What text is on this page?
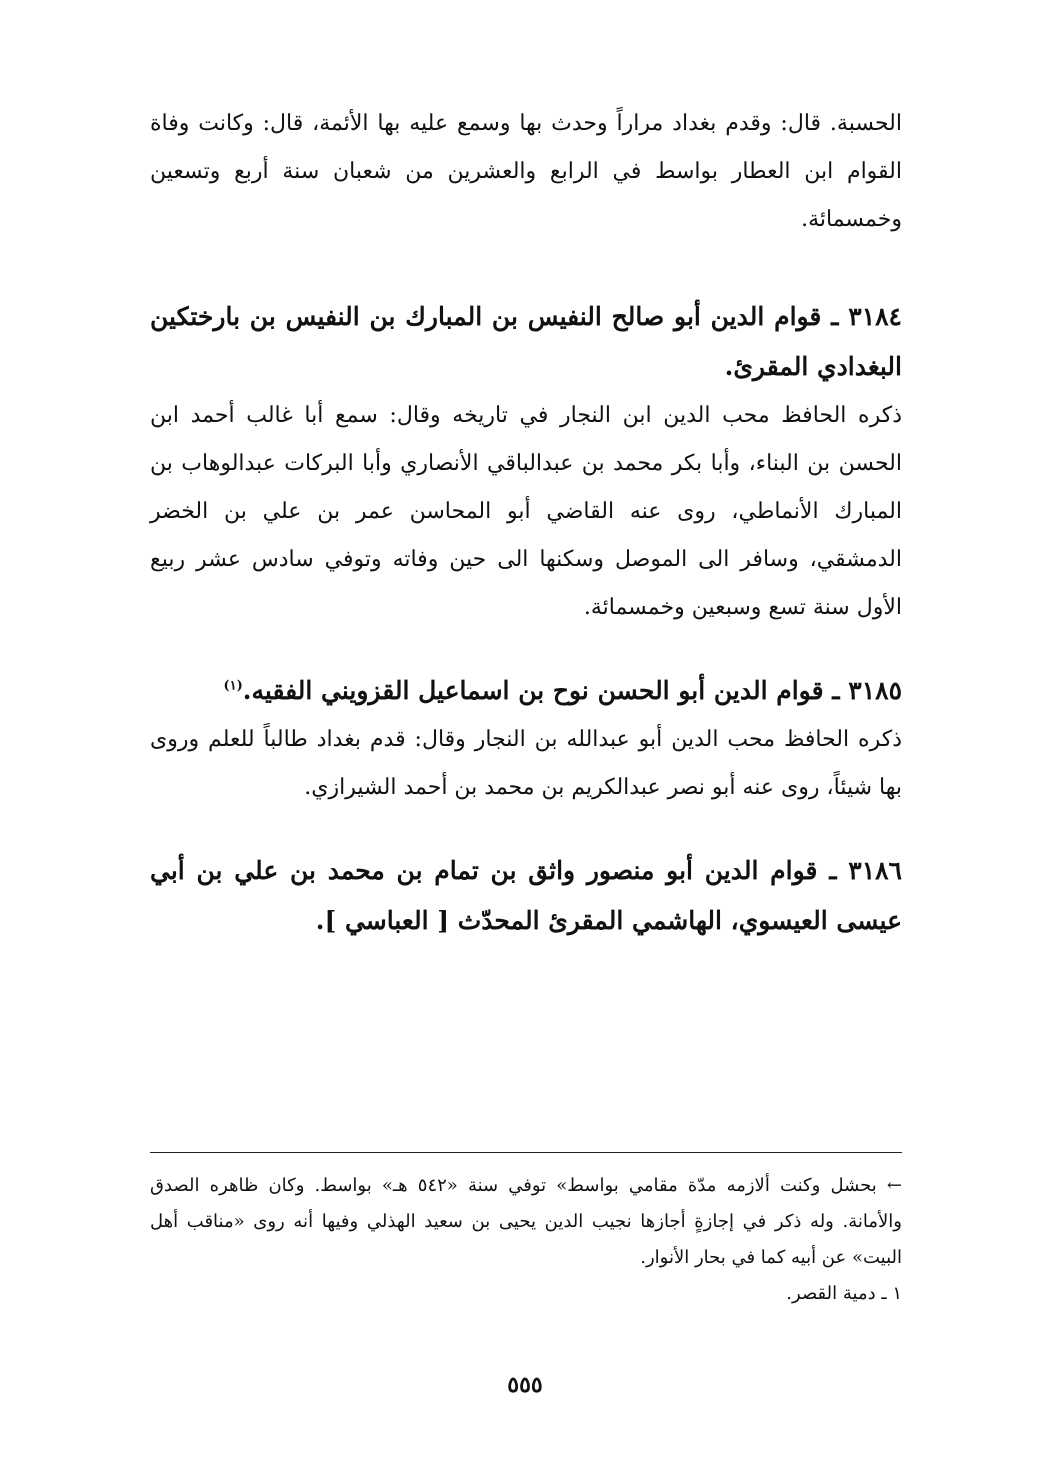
الحسبة. قال: وقدم بغداد مراراً وحدث بها وسمع عليه بها الأئمة، قال: وكانت وفاة القوام ابن العطار بواسط في الرابع والعشرين من شعبان سنة أربع وتسعين وخمسمائة.

٣١٨٤ ـ قوام الدين أبو صالح النفيس بن المبارك بن النفيس بن بارختكين البغدادي المقرئ.

ذكره الحافظ محب الدين ابن النجار في تاريخه وقال: سمع أبا غالب أحمد ابن الحسن بن البناء، وأبا بكر محمد بن عبدالباقي الأنصاري وأبا البركات عبدالوهاب بن المبارك الأنماطي، روى عنه القاضي أبو المحاسن عمر بن علي بن الخضر الدمشقي، وسافر الى الموصل وسكنها الى حين وفاته وتوفي سادس عشر ربيع الأول سنة تسع وسبعين وخمسمائة.

٣١٨٥ ـ قوام الدين أبو الحسن نوح بن اسماعيل القزويني الفقيه.$^{(١)}$

ذكره الحافظ محب الدين أبو عبدالله بن النجار وقال: قدم بغداد طالباً للعلم وروى بها شيئاً، روى عنه أبو نصر عبدالكريم بن محمد بن أحمد الشيرازي.

٣١٨٦ ـ قوام الدين أبو منصور واثق بن تمام بن محمد بن علي بن أبي عيسى العيسوي، الهاشمي المقرئ المحدّث [ العباسي ].

← بحشل وكنت ألازمه مدّة مقامي بواسط» توفي سنة «٥٤٢ هـ» بواسط. وكان ظاهره الصدق والأمانة. وله ذكر في إجازةٍ أجازها نجيب الدين يحيى بن سعيد الهذلي وفيها أنه روى «مناقب أهل البيت» عن أبيه كما في بحار الأنوار.

١ ـ دمية القصر.

٥٥٥
